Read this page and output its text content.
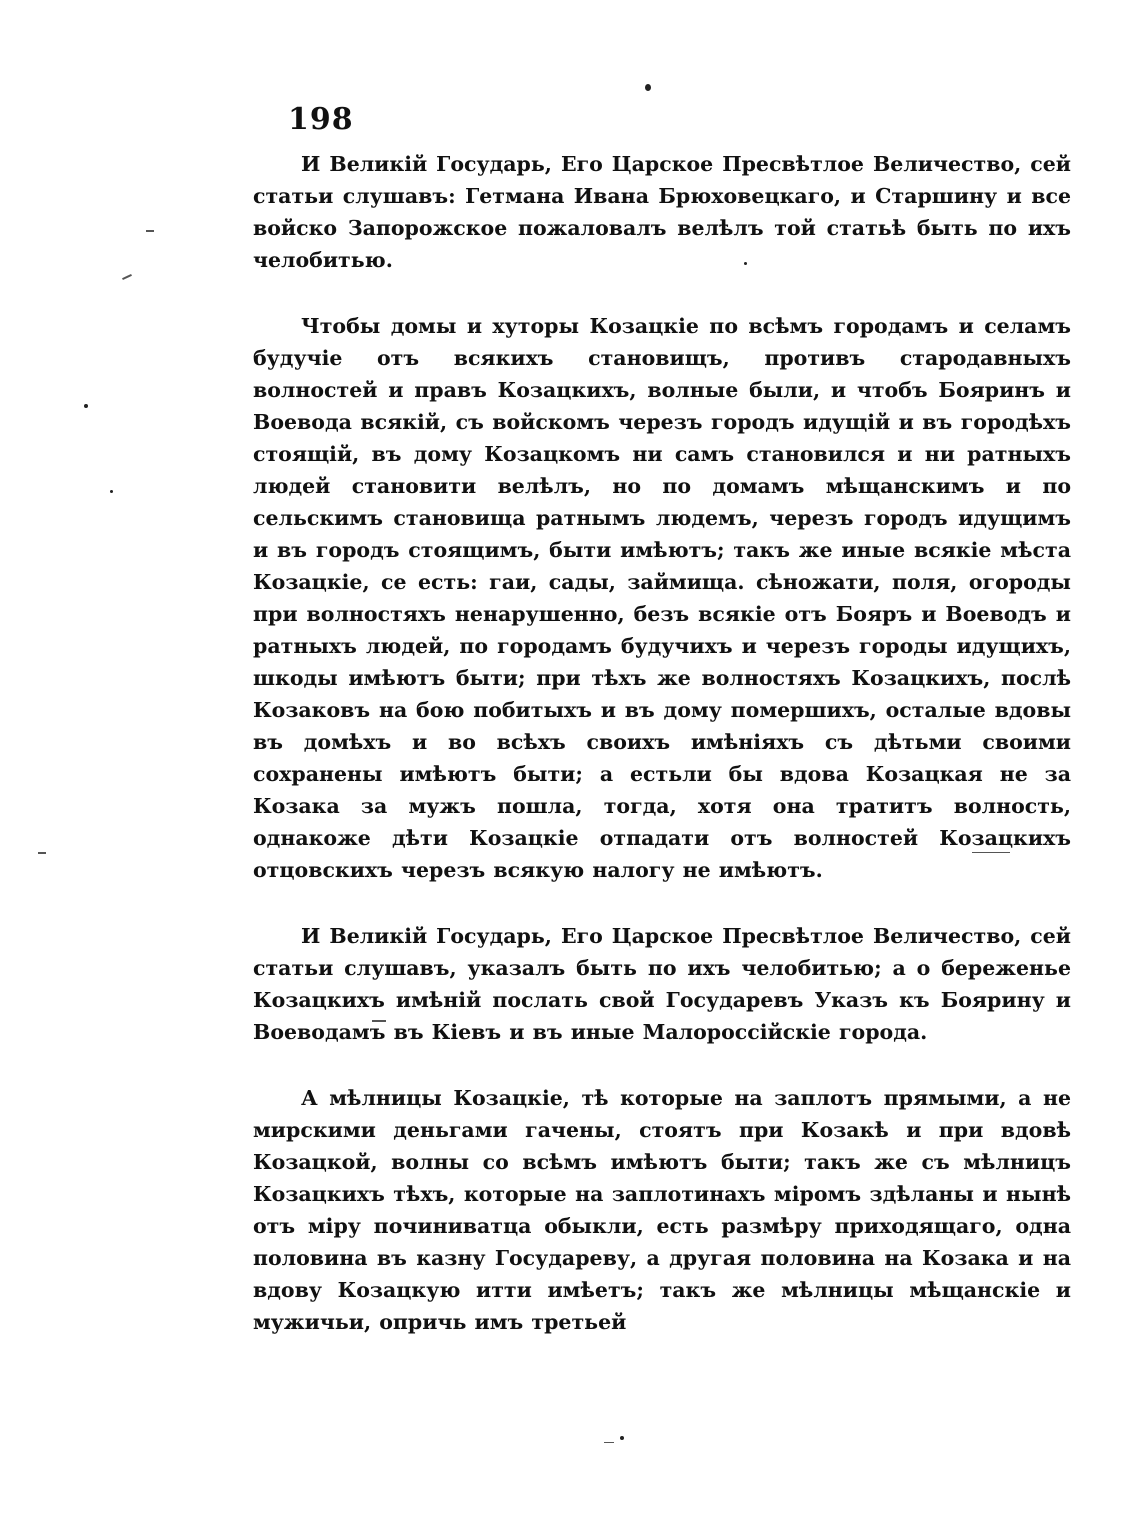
198

И Великій Государь, Его Царское Пресвѣтлое Величество, сей статьи слушавъ: Гетмана Ивана Брюховецкаго, и Старшину и все войско Запорожское пожаловалъ велѣлъ той статьѣ быть по ихъ челобитью.

Чтобы домы и хуторы Козацкіе по всѣмъ городамъ и селамъ будучіе отъ всякихъ становищъ, противъ стародавныхъ волностей и правъ Козацкихъ, волные были, и чтобъ Бояринъ и Воевода всякій, съ войскомъ черезъ городъ идущій и въ городѣхъ стоящій, въ дому Козацкомъ ни самъ становился и ни ратныхъ людей становити велѣлъ, но по домамъ мѣщанскимъ и по сельскимъ становища ратнымъ людемъ, черезъ городъ идущимъ и въ городъ стоящимъ, быти имѣютъ; такъ же иные всякіе мѣста Козацкіе, се есть: гаи, сады, займища. сѣножати, поля, огороды при волностяхъ ненарушенно, безъ всякіе отъ Бояръ и Воеводъ и ратныхъ людей, по городамъ будучихъ и черезъ городы идущихъ, шкоды имѣютъ быти; при тѣхъ же волностяхъ Козацкихъ, послѣ Козаковъ на бою побитыхъ и въ дому помершихъ, осталые вдовы въ домѣхъ и во всѣхъ своихъ имѣніяхъ съ дѣтьми своими сохранены имѣютъ быти; а естьли бы вдова Козацкая не за Козака за мужъ пошла, тогда, хотя она тратитъ волность, однакоже дѣти Козацкіе отпадати отъ волностей Козацкихъ отцовскихъ черезъ всякую налогу не имѣютъ.

И Великій Государь, Его Царское Пресвѣтлое Величество, сей статьи слушавъ, указалъ быть по ихъ челобитью; а о береженье Козацкихъ имѣній послать свой Государевъ Указъ къ Боярину и Воеводамъ въ Кіевъ и въ иные Малороссійскіе города.

А мѣлницы Козацкіе, тѣ которые на заплотъ прямыми, а не мирскими деньгами гачены, стоятъ при Козакѣ и при вдовѣ Козацкой, волны со всѣмъ имѣютъ быти; такъ же съ мѣлницъ Козацкихъ тѣхъ, которые на заплотинахъ міромъ здѣланы и нынѣ отъ міру починиватца обыкли, есть размѣру приходящаго, одна половина въ казну Государеву, а другая половина на Козака и на вдову Козацкую итти имѣетъ; такъ же мѣлницы мѣщанскіе и мужичьи, опричь имъ третьей
